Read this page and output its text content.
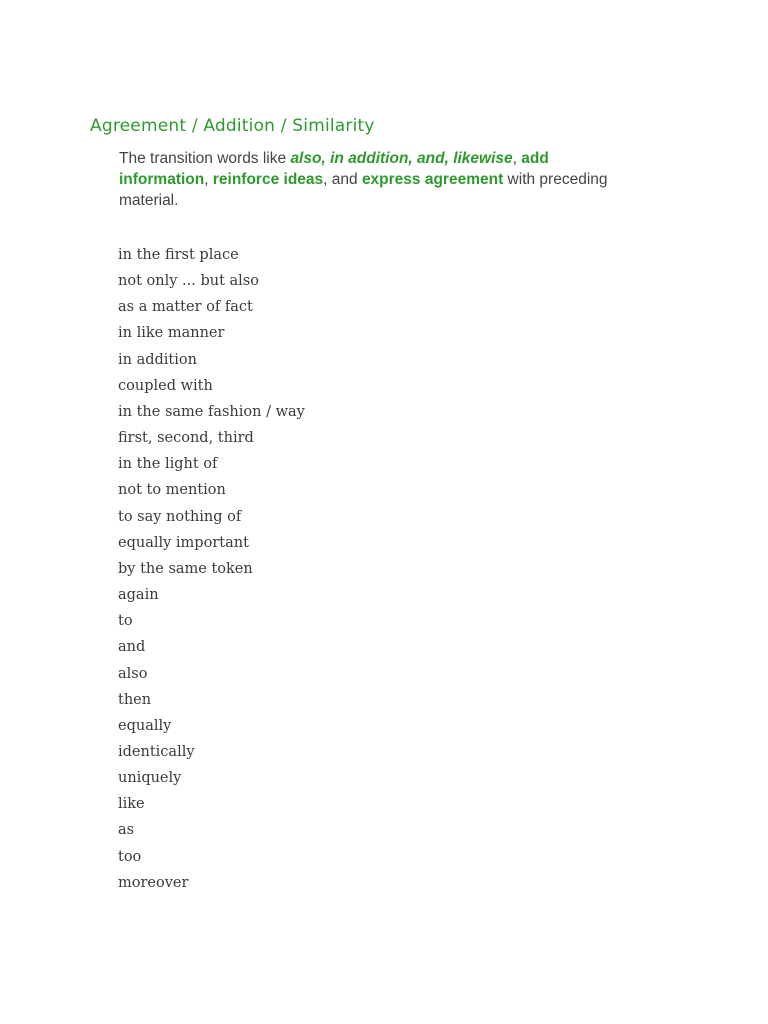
Agreement / Addition / Similarity

The transition words like also, in addition, and, likewise, add information, reinforce ideas, and express agreement with preceding material.

in the first place
not only ... but also
as a matter of fact
in like manner
in addition
coupled with
in the same fashion / way
first, second, third
in the light of
not to mention
to say nothing of
equally important
by the same token
again
to
and
also
then
equally
identically
uniquely
like
as
too
moreover
